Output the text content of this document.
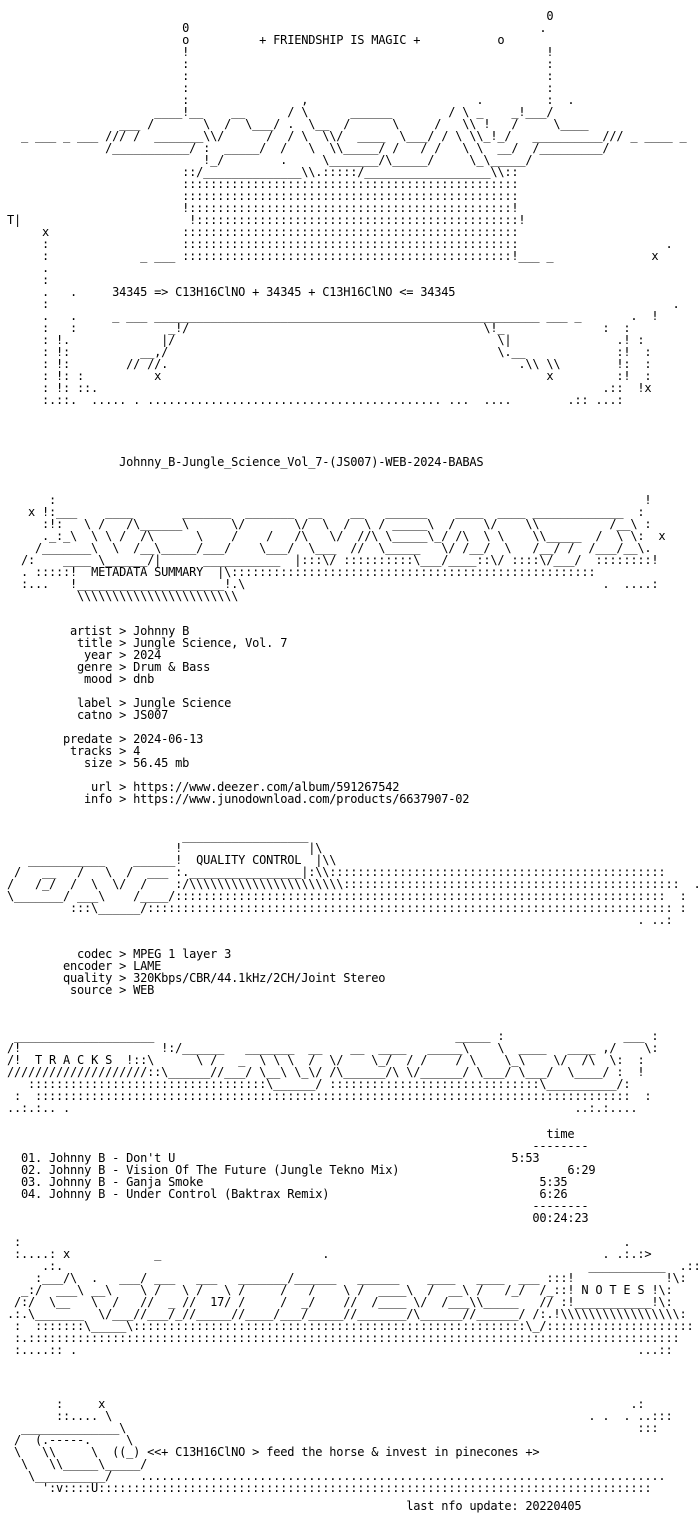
0
0                                                  .
o	+ FRIENDSHIP IS MAGIC +	o
!                                                   !
:                                                   :
:                                                   :
:                                                   :
:                ,                        .         :  .
____!__    __      / \      ______        / \ _    _!___/
___ /       \  /  \___/ .  \__  /      \     /   \\ !   /     \____
_ ___ _ ___ /// /  _______\\/      /  / \  \\/  ____  \___/ / \ \\_!_/   __________/// _ ____ _
/___________/ :  _____/  /   \  \\_____/ /   / /   \ \  __/  /_________/
!_/        .     \_______/\_____/     \_\_____/
::/______________\\.:::::/__________________\\::
::::::::::::::::::::::::::::::::::::::::::::::::
::::::::::::::::::::::::::::::::::::::::::::::::
!::::::::::::::::::::::::::::::::::::::::::::::!
T|                        !::::::::::::::::::::::::::::::::::::::::::::::!
x                   ::::::::::::::::::::::::::::::::::::::::::::::::
:                   ::::::::::::::::::::::::::::::::::::::::::::::::                     .
:             _ ___ :::::::::::::::::::::::::::::::::::::::::::::::!___ _              x
.
:
.   .	34345 => C13H16ClNO + 34345 + C13H16ClNO <= 34345
:                                                                                         .
.   .     _ ___ _______________________________________________________ ___ _       .  !
:   :             _!/                                          \!_              :  :
: !.             |/                                              \|               .! :
: !:          __,/                                               \.__             :!  :
: !:        // //.                                                  .\\ \\        !:  :
: !: :          x                                                       x         :!  :
: !: ::.                                                                        .::  !x
:.::.  ..... . .......................................... ...  ....        .:: ...:

Johnny_B-Jungle_Science_Vol_7-(JS007)-WEB-2024-BABAS
:                                                                                    !
x !:___    ____       _______  _______  __    __   ______    ____  ____ _____________  :
:!:   \ /   /\______\      \/       \/  \  /  \ / _____\  /    \/    \\          /__\ :
._:_\  \ \ /  /\      \    /    /   /\   \/  //\ \_____\_/ /\  \ \    \\_____  /  \ \:  x
/_______\  \  /__\_____/___/    \___/  \___  //  \_____   \/ /__/  \   /__/ /  /___/__\.
/:    ____ \______/|      ___________  |:::\/ ::::::::::\___/____::\/ ::::\/___/  ::::::::!
. :::::!  METADATA SUMMARY  |\::::::::::::::::::::::::::::::::::::::::::::::::::::
:...   !_____________________!.\                                                   .  ....:
\\\\\\\\\\\\\\\\\\\\\\\

artist > Johnny B
title > Jungle Science, Vol. 7
year > 2024
genre > Drum & Bass
mood > dnb

label > Jungle Science
catno > JS007

predate > 2024-06-13
tracks > 4
size > 56.45 mb

url > https://www.deezer.com/album/591267542
info > https://www.junodownload.com/products/6637907-02

__________________
!                  |\
___________    ______!  QUALITY CONTROL  |\\
/   __   /   \  /  ___ :.________________|:\\::::::::::::::::::::::::::::::::::::::::::::::::
/   /_/  /  \  \/  /    :/\\\\\\\\\\\\\\\\\\\\\\::::::::::::::::::::::::::::::::::::::::::::::::  .
\_______/ ___\    /____/::::::::::::::::::::::::::::::::::::::::::::::::::::::::::::::::::::::  :
:::\______/::::::::::::::::::::::::::::::::::::::::::::::::::::::::::::::::::::::::::: :
. ..:

codec > MPEG 1 layer 3
encoder > LAME
quality > 320Kbps/CBR/44.1kHz/2CH/Joint Stereo
source > WEB

____________________                                           _____ :                 ___ :
/!                    !:/______   _______  __    __  ____   _____\    \  ____   ____ ,/    \:
/!  T R A C K S  !::\      \ /   _  \ \ \  /  \/    \_/  / /    / \    \_\    \/  /\  \:  :
////////////////////::\______//___/ \__\ \_\/ /\______/\ \/______/ \___/ \___/  \____/ :  !
::::::::::::::::::::::::::::::::::\______/ ::::::::::::::::::::::::::::::\__________/:
:  :::::::::::::::::::::::::::::::::::::::::::::::::::::::::::::::::::::::::::::::::::::  :
..:.:.. .                                                                        ..:.:....

time
--------
01. Johnny B - Don't U	5:53
02. Johnny B - Vision Of The Future (Jungle Tekno Mix)	6:29
03. Johnny B - Ganja Smoke	5:35
04. Johnny B - Under Control (Baktrax Remix)	6:26
--------
00:24:23

:                                                                                      .
:....: x            _                       .                                       . .:.:>
.:.                                                                           ___________  .::
:___/\  .   ___/ ___   ___   _______/______   ______    ____   ____  ___ :::!             !\:
_:/  ___\ __\    \ /   \ /   \ /     /   /    \ /  ____\  /  __\ /   /_/  /_::! N O T E S !\:
/:/  \__   \  /   //  _ //  17/ /     /  _/    //  /____ \/  /___\\_____   // :!___________!\:
.:.\_______  \/___//___/_//_____//____/___/_____//_______/\______//______/ /:.!\\\\\\\\\\\\\\\\\:
:  :::::::\_____\::::::::::::::::::::::::::::::::::::::::::::::::::::::::\_/:::::::::::::::::::::
:.:::::::::::::::::::::::::::::::::::::::::::::::::::::::::::::::::::::::::::::::::::::::::::::
:....:: .                                                                                ...::

:     x                                                                           .:
::.... \                                                                    . .  . ..:::
______________\                                                                         :::
/  (.-----.     \
\   \\     \  ((_) <<+ C13H16ClNO > feed the horse & invest in pinecones +>
\   \\_____\_____/
\__________/    ...........................................................................
':v::::U:::::::::::::::::::::::::::::::::::::::::::::::::::::::::::::::::::::::::::::::

last nfo update: 20220405
